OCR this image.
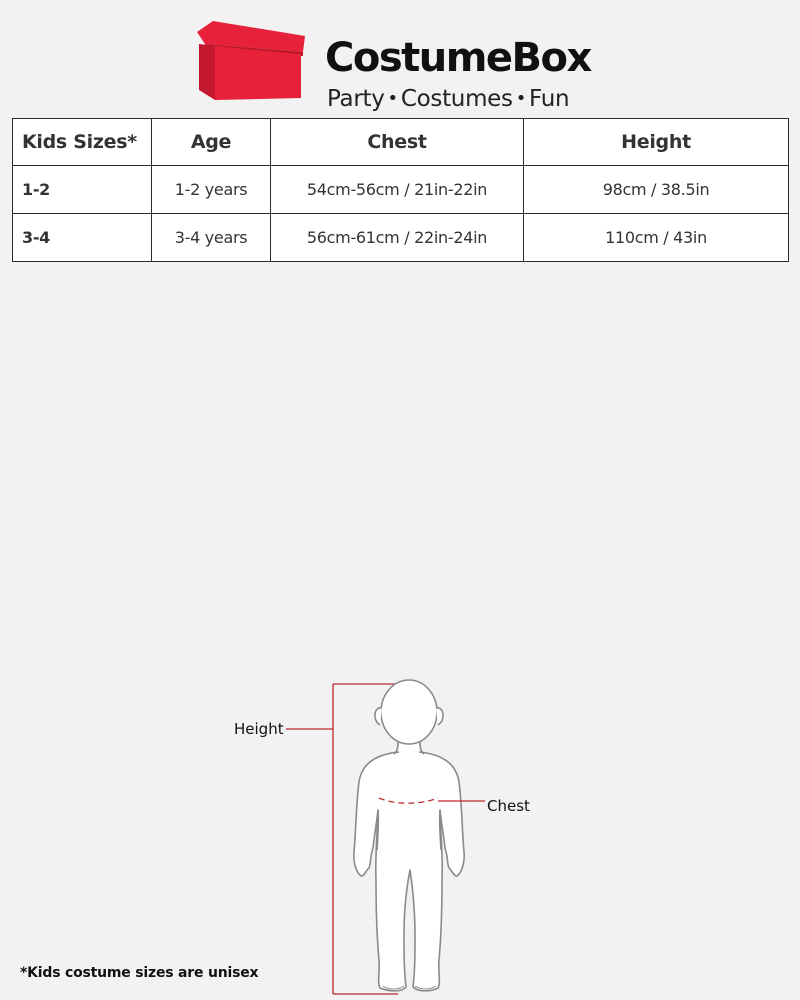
CostumeBox
Party • Costumes • Fun
Kids Sizes*	Age	Chest	Height
1-2	1-2 years	54cm-56cm / 21in-22in	98cm / 38.5in
3-4	3-4 years	56cm-61cm / 22in-24in	110cm / 43in
Height
Chest
*Kids costume sizes are unisex
